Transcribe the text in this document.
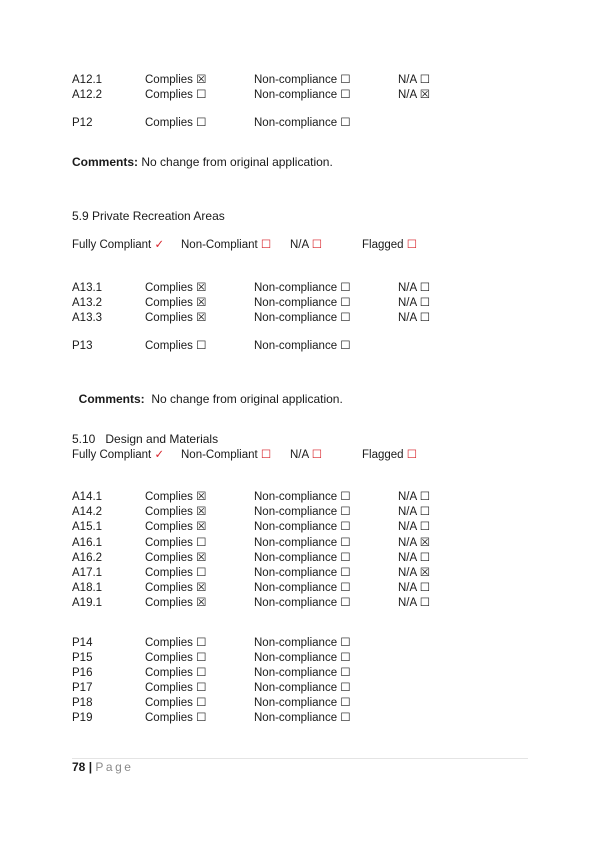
A12.1	Complies ☒	Non-compliance ☐	N/A ☐
A12.2	Complies ☐	Non-compliance ☐	N/A ☒
P12	Complies ☐	Non-compliance ☐
Comments: No change from original application.
5.9 Private Recreation Areas
Fully Compliant ✓ Non-Compliant ☐ N/A ☐	Flagged ☐
A13.1	Complies ☒	Non-compliance ☐	N/A ☐
A13.2	Complies ☒	Non-compliance ☐	N/A ☐
A13.3	Complies ☒	Non-compliance ☐	N/A ☐
P13	Complies ☐	Non-compliance ☐

Comments:  No change from original application.

5.10   Design and Materials
Fully Compliant ✓ Non-Compliant ☐ N/A ☐	Flagged ☐
A14.1	Complies ☒	Non-compliance ☐	N/A ☐
A14.2	Complies ☒	Non-compliance ☐	N/A ☐
A15.1	Complies ☒	Non-compliance ☐	N/A ☐
A16.1	Complies ☐	Non-compliance ☐	N/A ☒
A16.2	Complies ☒	Non-compliance ☐	N/A ☐
A17.1	Complies ☐	Non-compliance ☐	N/A ☒
A18.1	Complies ☒	Non-compliance ☐	N/A ☐
A19.1	Complies ☒	Non-compliance ☐	N/A ☐
P14	Complies ☐	Non-compliance ☐
P15	Complies ☐	Non-compliance ☐
P16	Complies ☐	Non-compliance ☐
P17	Complies ☐	Non-compliance ☐
P18	Complies ☐	Non-compliance ☐
P19	Complies ☐	Non-compliance ☐
78 | Page
